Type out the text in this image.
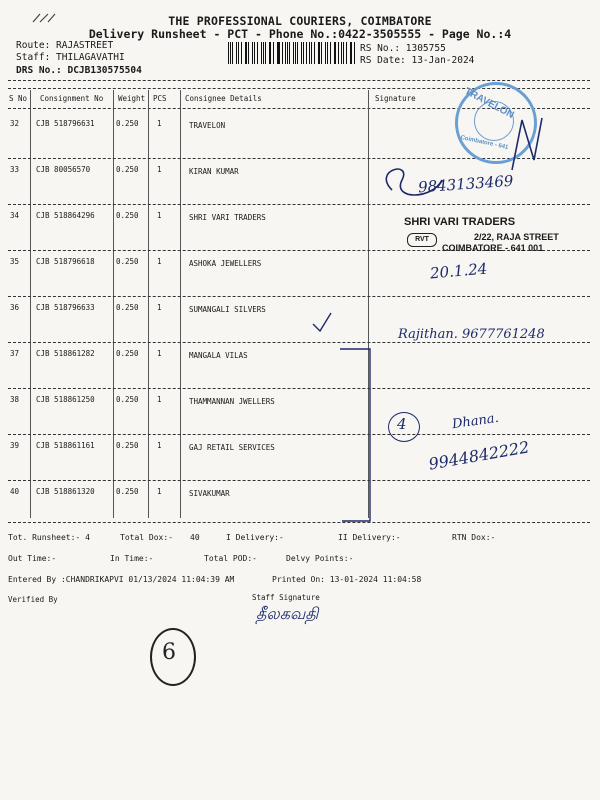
THE PROFESSIONAL COURIERS, COIMBATORE
Delivery Runsheet - PCT - Phone No.:0422-3505555 - Page No.:4
Route: RAJASTREET
Staff: THILAGAVATHI
DRS No.: DCJB130575504
RS No.: 1305755
RS Date: 13-Jan-2024
S No Consignment No Weight PCS Consignee Details	Signature
32 CJB 518796631	0.250 1	TRAVELON
33 CJB 80056570	0.250 1	KIRAN KUMAR
34 CJB 518864296	0.250 1	SHRI VARI TRADERS
35 CJB 518796618	0.250 1	ASHOKA JEWELLERS
36 CJB 518796633	0.250 1	SUMANGALI SILVERS
37 CJB 518861282	0.250 1	MANGALA VILAS
38 CJB 518861250	0.250 1	THAMMANNAN JWELLERS
39 CJB 518861161	0.250 1	GAJ RETAIL SERVICES
40 CJB 518861320	0.250 1	SIVAKUMAR
Tot. Runsheet:- 4	Total Dox:- 40	I Delivery:-	II Delivery:-	RTN Dox:-
Out Time:-	In Time:-	Total POD:-	Delvy Points:-
Entered By :CHANDRIKAPVI 01/13/2024 11:04:39 AM	Printed On: 13-01-2024 11:04:58
Verified By	Staff Signature
TRAVELON
Coimbatore - 641
SHRI VARI TRADERS
2/22, RAJA STREET
COIMBATORE - 641 001
RVT
9843133469
20.1.24
Rajithan. 9677761248
4	Dhana.
9944842222
தீலகவதி
6
